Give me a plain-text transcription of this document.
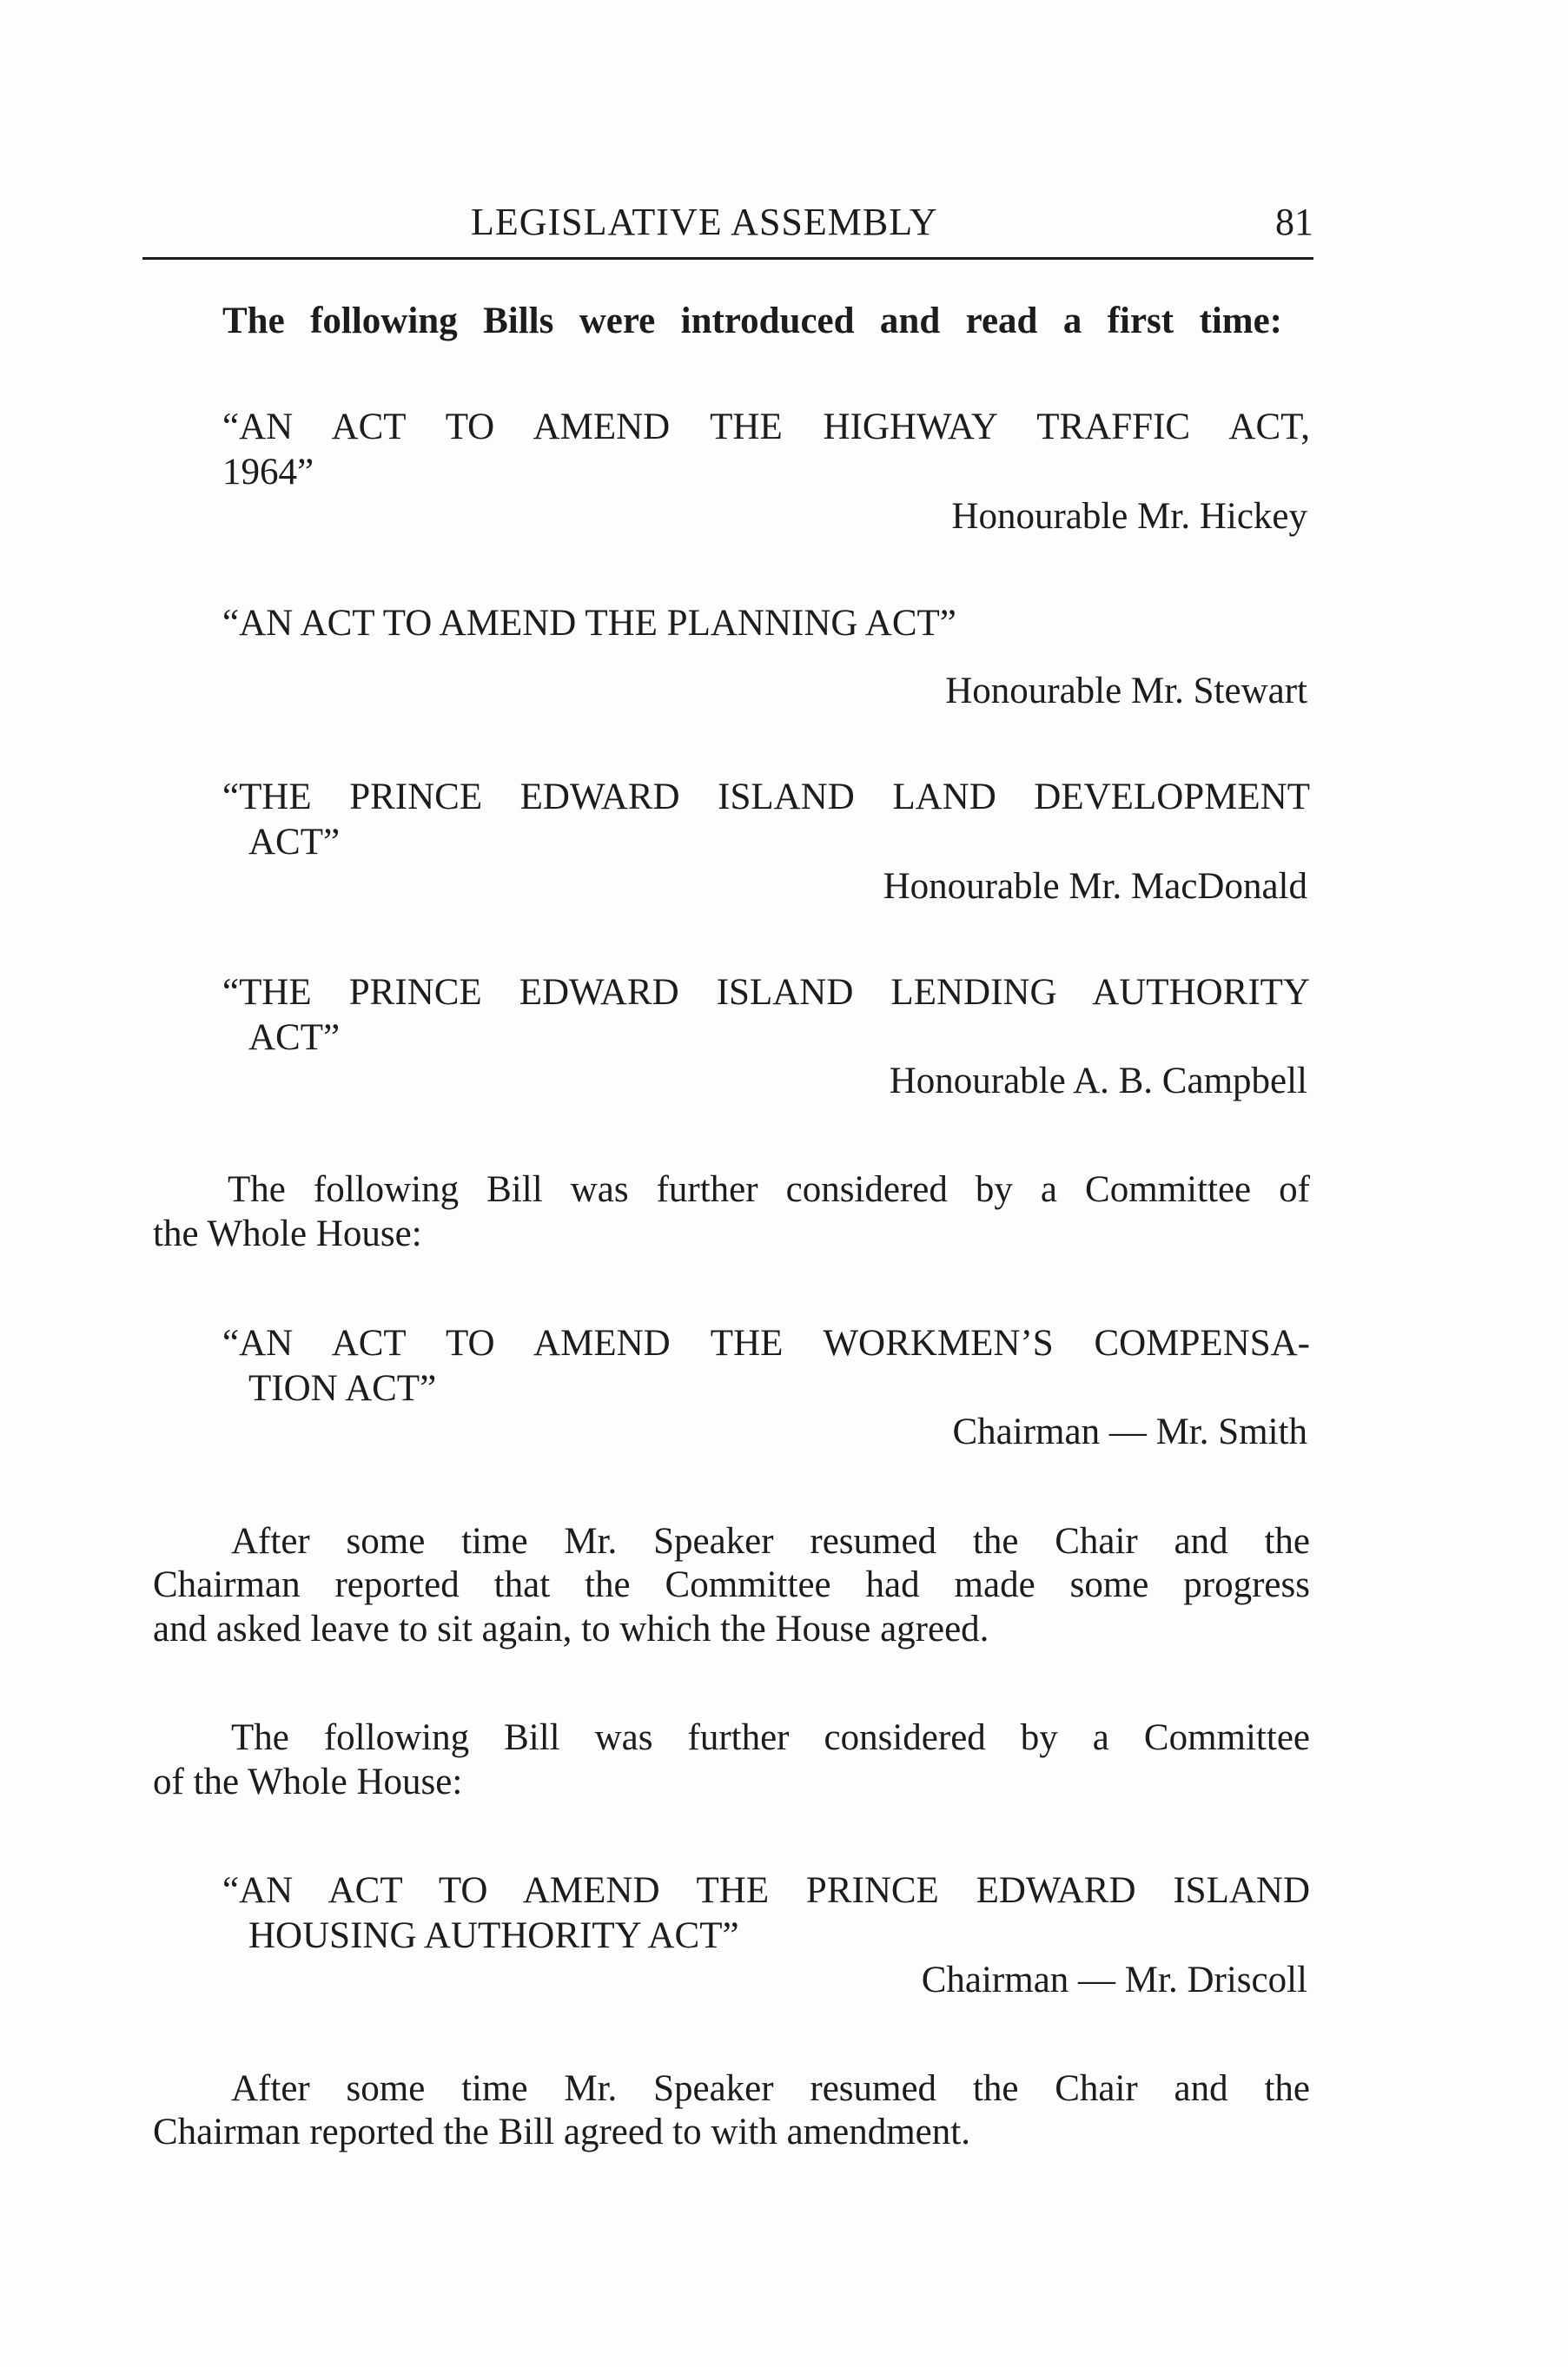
LEGISLATIVE ASSEMBLY	81
The following Bills were introduced and read a first time:
“AN ACT TO AMEND THE HIGHWAY TRAFFIC ACT,
1964”
Honourable Mr. Hickey
“AN ACT TO AMEND THE PLANNING ACT”
Honourable Mr. Stewart
“THE PRINCE EDWARD ISLAND LAND DEVELOPMENT
ACT”
Honourable Mr. MacDonald
“THE PRINCE EDWARD ISLAND LENDING AUTHORITY
ACT”
Honourable A. B. Campbell
The following Bill was further considered by a Committee of
the Whole House:
“AN ACT TO AMEND THE WORKMEN’S COMPENSA-
TION ACT”
Chairman — Mr. Smith
After some time Mr. Speaker resumed the Chair and the
Chairman reported that the Committee had made some progress
and asked leave to sit again, to which the House agreed.
The following Bill was further considered by a Committee
of the Whole House:
“AN ACT TO AMEND THE PRINCE EDWARD ISLAND
HOUSING AUTHORITY ACT”
Chairman — Mr. Driscoll
After some time Mr. Speaker resumed the Chair and the
Chairman reported the Bill agreed to with amendment.
